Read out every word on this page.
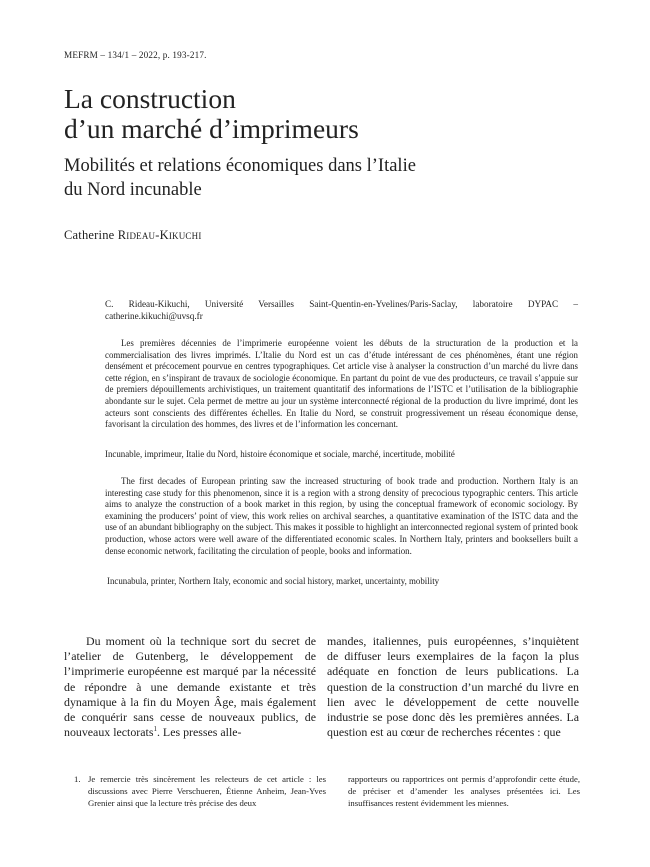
MEFRM – 134/1 – 2022, p. 193-217.
La construction
d’un marché d’imprimeurs
Mobilités et relations économiques dans l’Italie
du Nord incunable
Catherine Rideau-Kikuchi
C. Rideau-Kikuchi, Université Versailles Saint-Quentin-en-Yvelines/Paris-Saclay, laboratoire DYPAC – catherine.kikuchi@uvsq.fr

Les premières décennies de l’imprimerie européenne voient les débuts de la structuration de la production et la commercialisation des livres imprimés. L’Italie du Nord est un cas d’étude intéressant de ces phénomènes, étant une région densément et précocement pourvue en centres typographiques. Cet article vise à analyser la construction d’un marché du livre dans cette région, en s’inspirant de travaux de sociologie économique. En partant du point de vue des producteurs, ce travail s’appuie sur de premiers dépouillements archivistiques, un traitement quantitatif des informations de l’ISTC et l’utilisation de la bibliographie abondante sur le sujet. Cela permet de mettre au jour un système interconnecté régional de la production du livre imprimé, dont les acteurs sont conscients des différentes échelles. En Italie du Nord, se construit progressivement un réseau économique dense, favorisant la circulation des hommes, des livres et de l’information les concernant.

Incunable, imprimeur, Italie du Nord, histoire économique et sociale, marché, incertitude, mobilité

The first decades of European printing saw the increased structuring of book trade and production. Northern Italy is an interesting case study for this phenomenon, since it is a region with a strong density of precocious typographic centers. This article aims to analyze the construction of a book market in this region, by using the conceptual framework of economic sociology. By examining the producers’ point of view, this work relies on archival searches, a quantitative examination of the ISTC data and the use of an abundant bibliography on the subject. This makes it possible to highlight an interconnected regional system of printed book production, whose actors were well aware of the differentiated economic scales. In Northern Italy, printers and booksellers built a dense economic network, facilitating the circulation of people, books and information.

Incunabula, printer, Northern Italy, economic and social history, market, uncertainty, mobility

Du moment où la technique sort du secret de l’atelier de Gutenberg, le développement de l’imprimerie européenne est marqué par la nécessité de répondre à une demande existante et très dynamique à la fin du Moyen Âge, mais également de conquérir sans cesse de nouveaux publics, de nouveaux lectorats$^1$. Les presses alle-

mandes, italiennes, puis européennes, s’inquiètent de diffuser leurs exemplaires de la façon la plus adéquate en fonction de leurs publications. La question de la construction d’un marché du livre en lien avec le développement de cette nouvelle industrie se pose donc dès les premières années. La question est au cœur de recherches récentes : que

1. Je remercie très sincèrement les relecteurs de cet article : les discussions avec Pierre Verschueren, Étienne Anheim, Jean-Yves Grenier ainsi que la lecture très précise des deux
rapporteurs ou rapportrices ont permis d’approfondir cette étude, de préciser et d’amender les analyses présentées ici. Les insuffisances restent évidemment les miennes.
